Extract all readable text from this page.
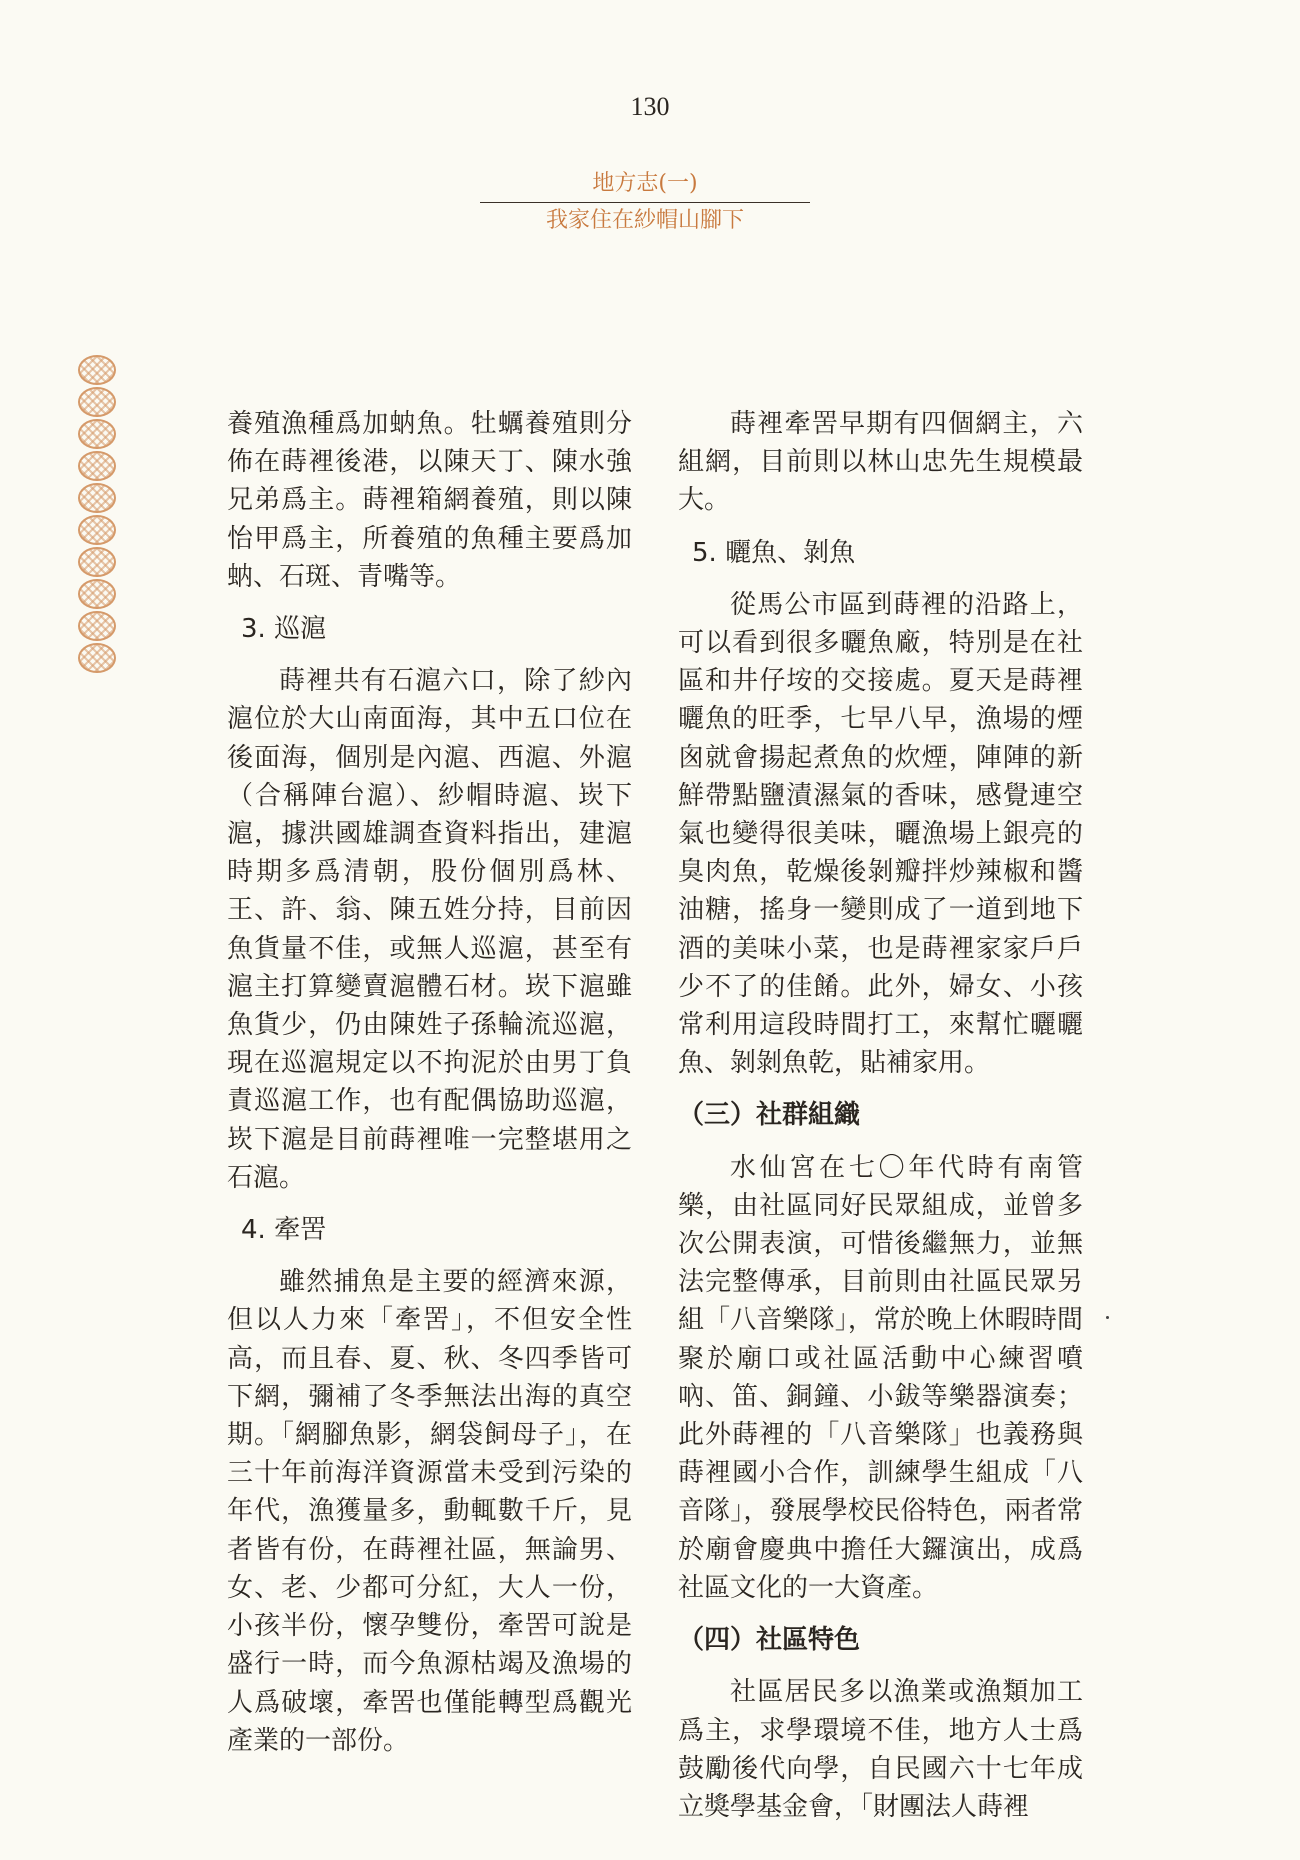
130
地方志(一)
我家住在紗帽山腳下

養殖漁種爲加蚋魚。牡蠣養殖則分佈在蒔裡後港，以陳天丁、陳水強兄弟爲主。蒔裡箱網養殖，則以陳怡甲爲主，所養殖的魚種主要爲加蚋、石斑、青嘴等。

3. 巡滬

蒔裡共有石滬六口，除了紗內滬位於大山南面海，其中五口位在後面海，個別是內滬、西滬、外滬（合稱陣台滬）、紗帽時滬、崁下滬，據洪國雄調查資料指出，建滬時期多爲清朝，股份個別爲林、王、許、翁、陳五姓分持，目前因魚貨量不佳，或無人巡滬，甚至有滬主打算變賣滬體石材。崁下滬雖魚貨少，仍由陳姓子孫輪流巡滬，現在巡滬規定以不拘泥於由男丁負責巡滬工作，也有配偶協助巡滬，崁下滬是目前蒔裡唯一完整堪用之石滬。

4. 牽罟

雖然捕魚是主要的經濟來源，但以人力來「牽罟」，不但安全性高，而且春、夏、秋、冬四季皆可下網，彌補了冬季無法出海的真空期。「網腳魚影，網袋飼母子」，在三十年前海洋資源當未受到污染的年代，漁獲量多，動輒數千斤，見者皆有份，在蒔裡社區，無論男、女、老、少都可分紅，大人一份，小孩半份，懷孕雙份，牽罟可說是盛行一時，而今魚源枯竭及漁場的人爲破壞，牽罟也僅能轉型爲觀光產業的一部份。

蒔裡牽罟早期有四個網主，六組網，目前則以林山忠先生規模最大。

5. 曬魚、剝魚

從馬公市區到蒔裡的沿路上，可以看到很多曬魚廠，特別是在社區和井仔垵的交接處。夏天是蒔裡曬魚的旺季，七早八早，漁場的煙囪就會揚起煮魚的炊煙，陣陣的新鮮帶點鹽漬濕氣的香味，感覺連空氣也變得很美味，曬漁場上銀亮的臭肉魚，乾燥後剝瓣拌炒辣椒和醬油糖，搖身一變則成了一道到地下酒的美味小菜，也是蒔裡家家戶戶少不了的佳餚。此外，婦女、小孩常利用這段時間打工，來幫忙曬曬魚、剝剝魚乾，貼補家用。

（三）社群組織

水仙宮在七〇年代時有南管樂，由社區同好民眾組成，並曾多次公開表演，可惜後繼無力，並無法完整傳承，目前則由社區民眾另組「八音樂隊」，常於晚上休暇時間聚於廟口或社區活動中心練習噴吶、笛、銅鐘、小鈸等樂器演奏；此外蒔裡的「八音樂隊」也義務與蒔裡國小合作，訓練學生組成「八音隊」，發展學校民俗特色，兩者常於廟會慶典中擔任大鑼演出，成爲社區文化的一大資產。

（四）社區特色

社區居民多以漁業或漁類加工爲主，求學環境不佳，地方人士爲鼓勵後代向學，自民國六十七年成立獎學基金會，「財團法人蒔裡
